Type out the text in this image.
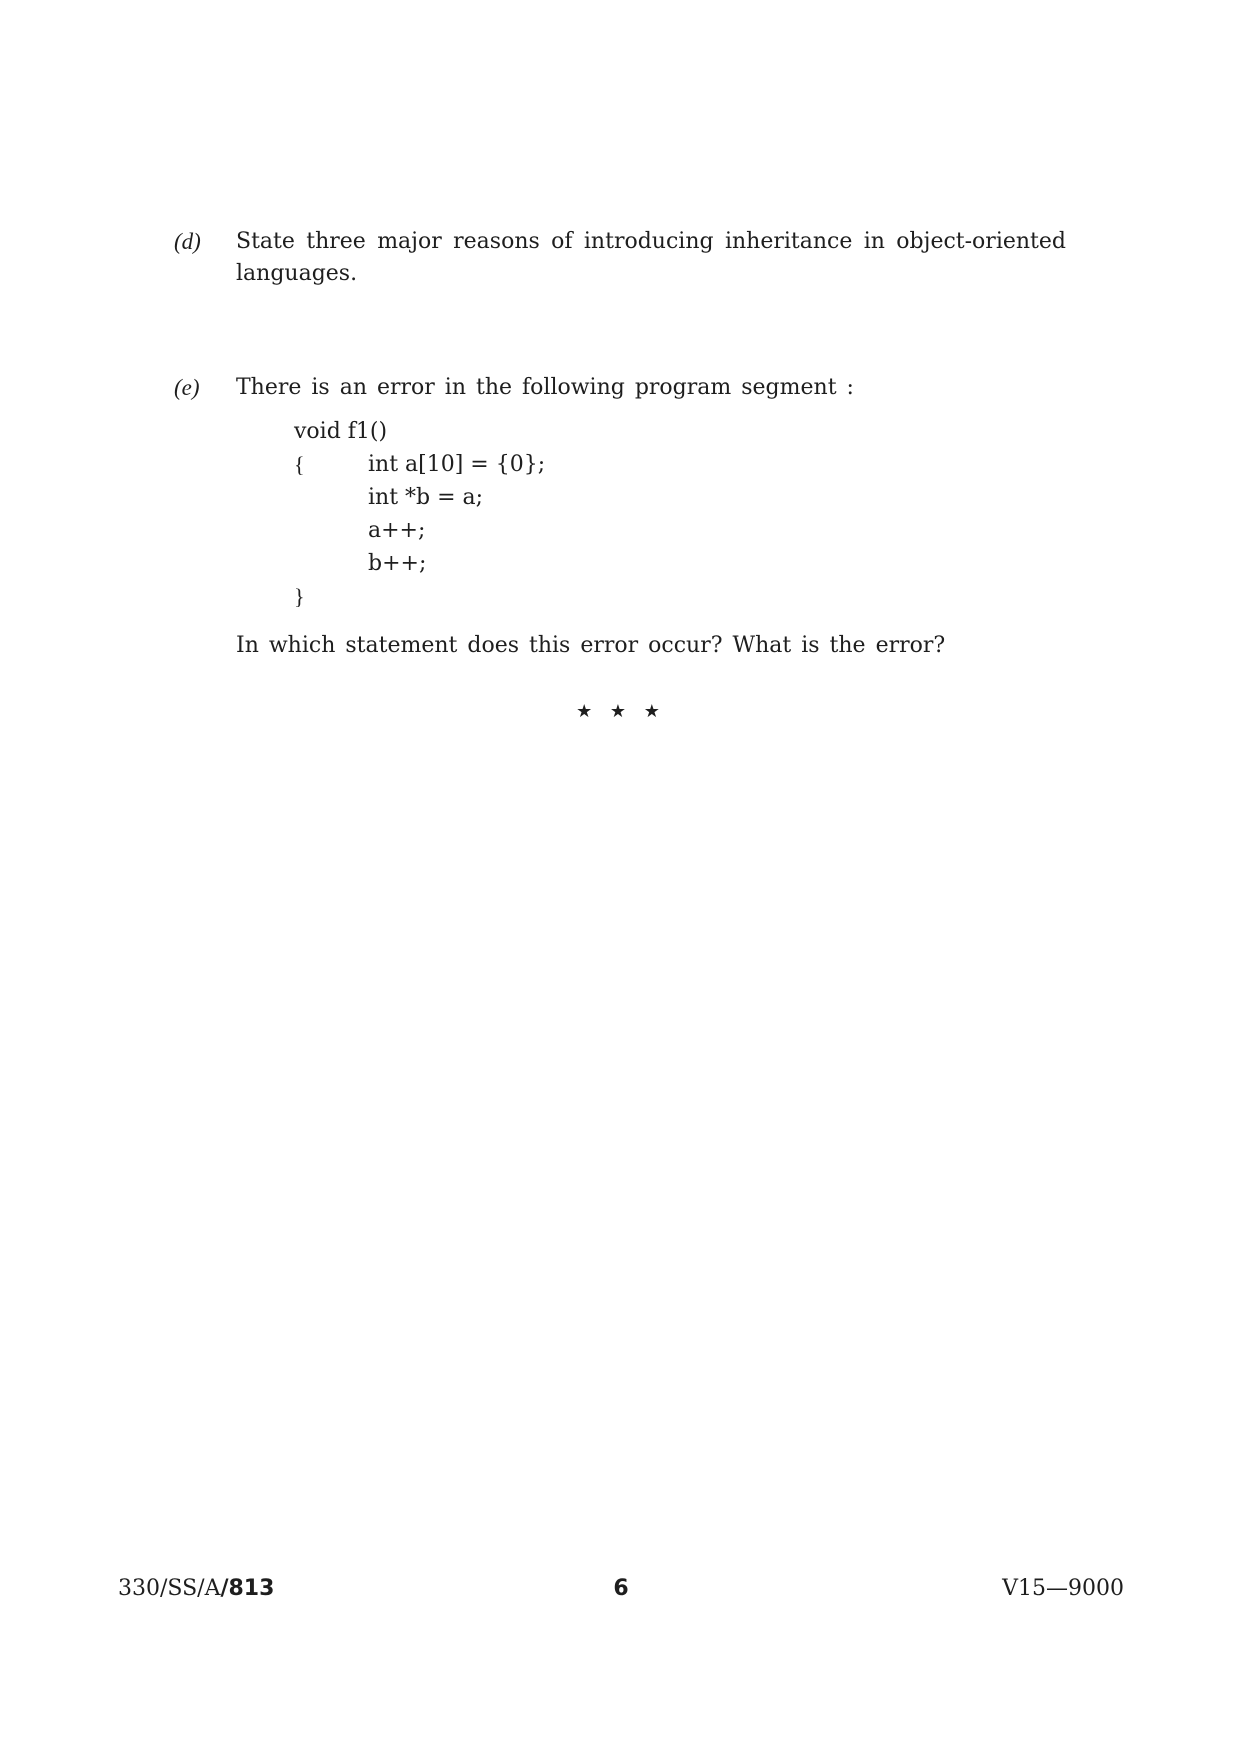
(d) State three major reasons of introducing inheritance in object-oriented languages.
(e) There is an error in the following program segment :
void f1()

{

	int a[10] = {0};

int *b = a;

a++;

b++;

}

In which statement does this error occur? What is the error?
★ ★ ★
330/SS/A/813	6	V15—9000
